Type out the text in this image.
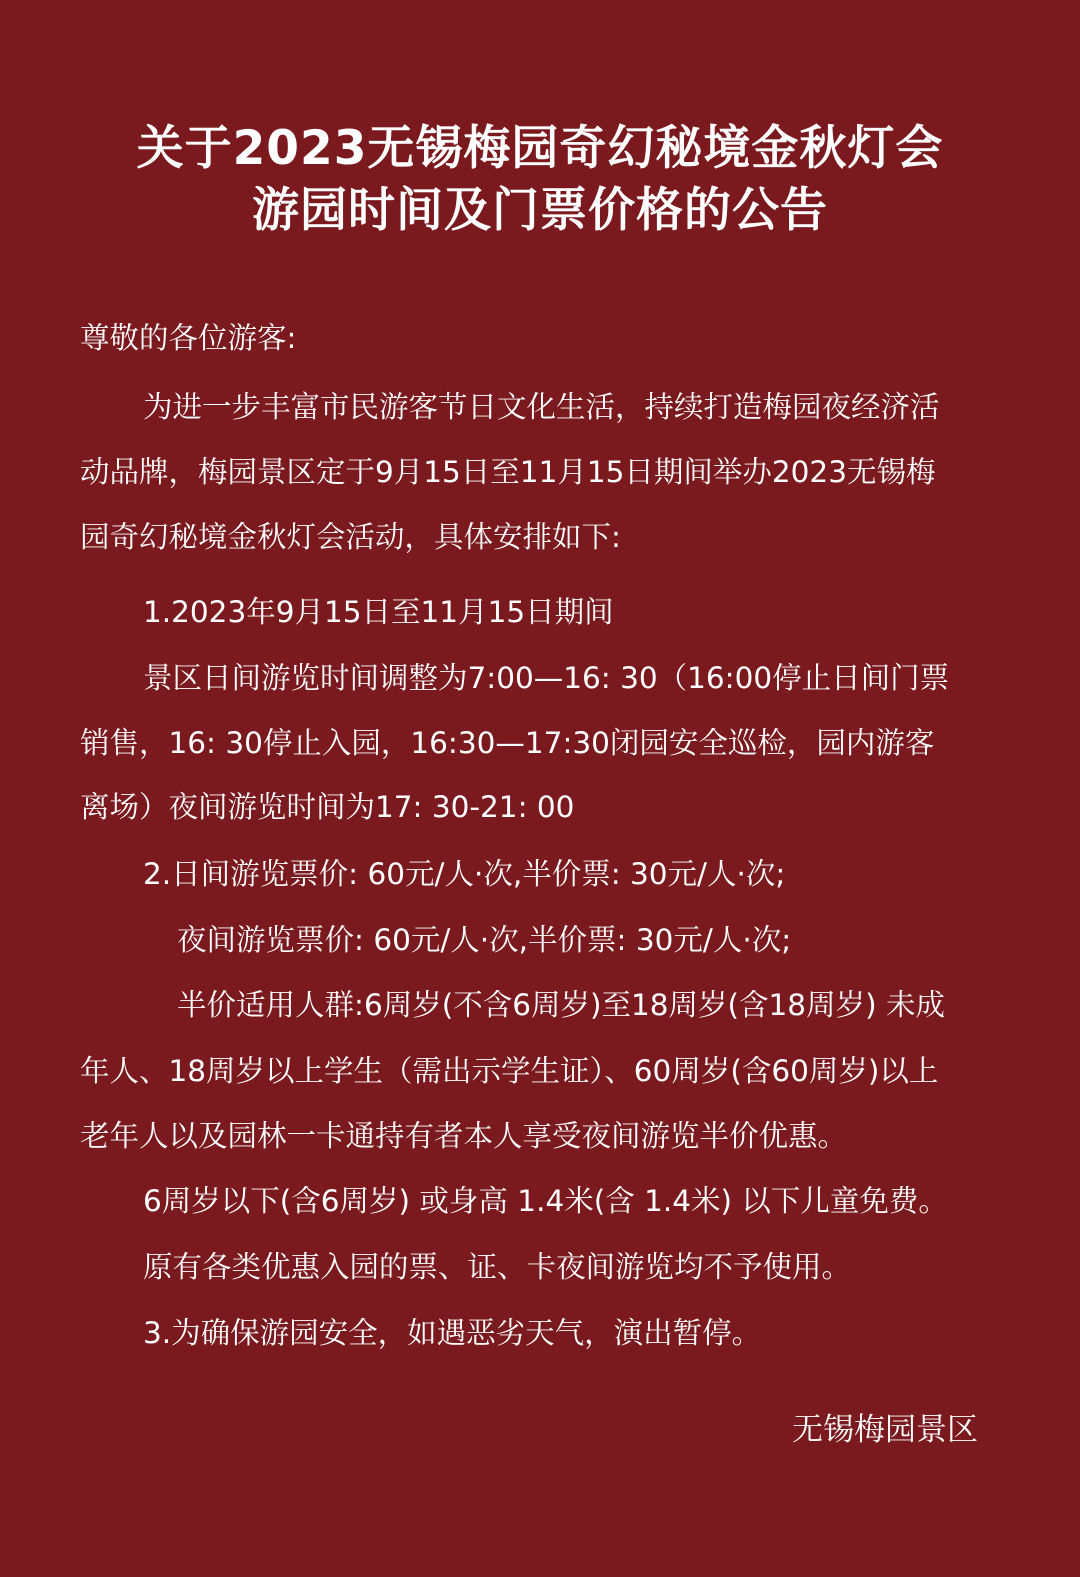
关于2023无锡梅园奇幻秘境金秋灯会
游园时间及门票价格的公告
尊敬的各位游客:
为进一步丰富市民游客节日文化生活，持续打造梅园夜经济活
动品牌，梅园景区定于9月15日至11月15日期间举办2023无锡梅
园奇幻秘境金秋灯会活动，具体安排如下:
1.2023年9月15日至11月15日期间
景区日间游览时间调整为7:00—16: 30（16:00停止日间门票
销售，16: 30停止入园，16:30—17:30闭园安全巡检，园内游客
离场）夜间游览时间为17: 30-21: 00
2.日间游览票价: 60元/人·次,半价票: 30元/人·次;
夜间游览票价: 60元/人·次,半价票: 30元/人·次;
半价适用人群:6周岁(不含6周岁)至18周岁(含18周岁) 未成
年人、18周岁以上学生（需出示学生证）、60周岁(含60周岁)以上
老年人以及园林一卡通持有者本人享受夜间游览半价优惠。
6周岁以下(含6周岁) 或身高 1.4米(含 1.4米) 以下儿童免费。
原有各类优惠入园的票、证、卡夜间游览均不予使用。
3.为确保游园安全，如遇恶劣天气，演出暂停。
无锡梅园景区
